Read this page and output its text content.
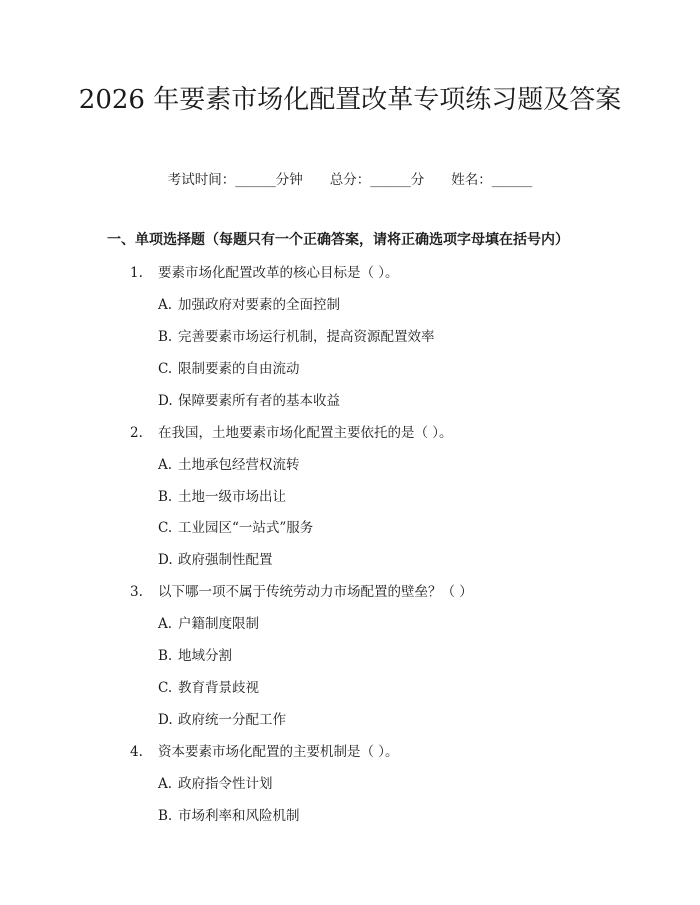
2026 年要素市场化配置改革专项练习题及答案
考试时间：______分钟　　总分：______分　　姓名：______
一、单项选择题（每题只有一个正确答案，请将正确选项字母填在括号内）
1. 要素市场化配置改革的核心目标是（ ）。
A. 加强政府对要素的全面控制
B. 完善要素市场运行机制，提高资源配置效率
C. 限制要素的自由流动
D. 保障要素所有者的基本收益
2. 在我国，土地要素市场化配置主要依托的是（ ）。
A. 土地承包经营权流转
B. 土地一级市场出让
C. 工业园区“一站式”服务
D. 政府强制性配置
3. 以下哪一项不属于传统劳动力市场配置的壁垒？（ ）
A. 户籍制度限制
B. 地域分割
C. 教育背景歧视
D. 政府统一分配工作
4. 资本要素市场化配置的主要机制是（ ）。
A. 政府指令性计划
B. 市场利率和风险机制
